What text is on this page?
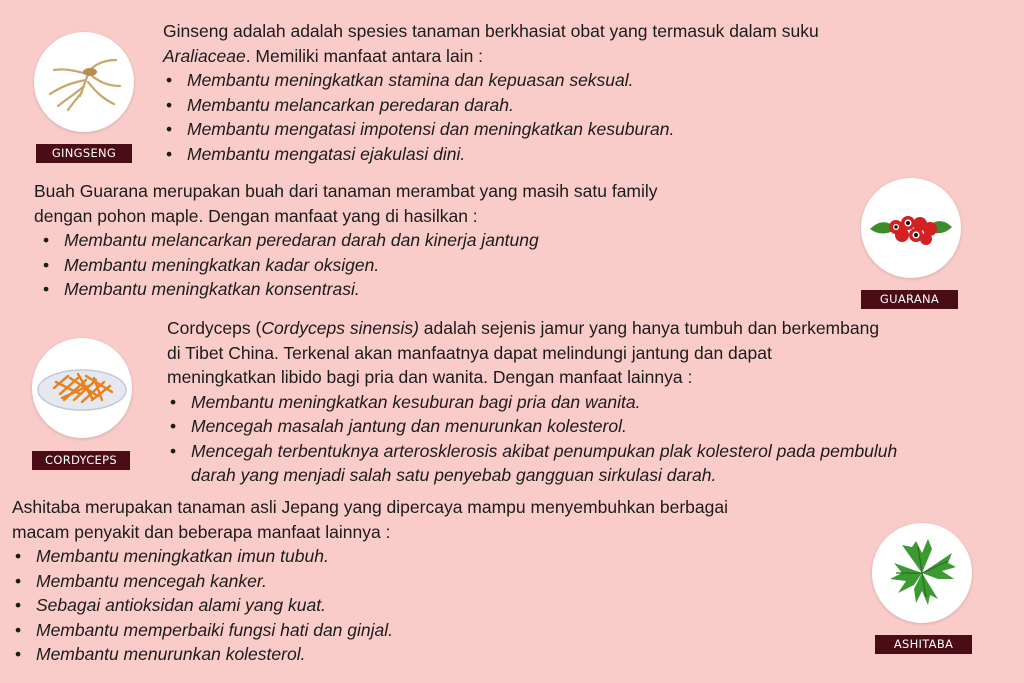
GINGSENG

Ginseng adalah adalah spesies tanaman berkhasiat obat yang termasuk dalam suku

Araliaceae. Memiliki manfaat antara lain :

• Membantu meningkatkan stamina dan kepuasan seksual.
• Membantu melancarkan peredaran darah.
• Membantu mengatasi impotensi dan meningkatkan kesuburan.
• Membantu mengatasi ejakulasi dini.

Buah Guarana merupakan buah dari tanaman merambat yang masih satu family

dengan pohon maple. Dengan manfaat yang di hasilkan :

• Membantu melancarkan peredaran darah dan kinerja jantung
• Membantu meningkatkan kadar oksigen.
• Membantu meningkatkan konsentrasi.	GUARANA
CORDYCEPS

Cordyceps (Cordyceps sinensis) adalah sejenis jamur yang hanya tumbuh dan berkembang

di Tibet China. Terkenal akan manfaatnya dapat melindungi jantung dan dapat

meningkatkan libido bagi pria dan wanita. Dengan manfaat lainnya :

• Membantu meningkatkan kesuburan bagi pria dan wanita.
• Mencegah masalah jantung dan menurunkan kolesterol.
• Mencegah terbentuknya arterosklerosis akibat penumpukan plak kolesterol pada pembuluh darah yang menjadi salah satu penyebab gangguan sirkulasi darah.

Ashitaba merupakan tanaman asli Jepang yang dipercaya mampu menyembuhkan berbagai

macam penyakit dan beberapa manfaat lainnya :

• Membantu meningkatkan imun tubuh.
• Membantu mencegah kanker.
• Sebagai antioksidan alami yang kuat.
• Membantu memperbaiki fungsi hati dan ginjal.
• Membantu menurunkan kolesterol.	ASHITABA
